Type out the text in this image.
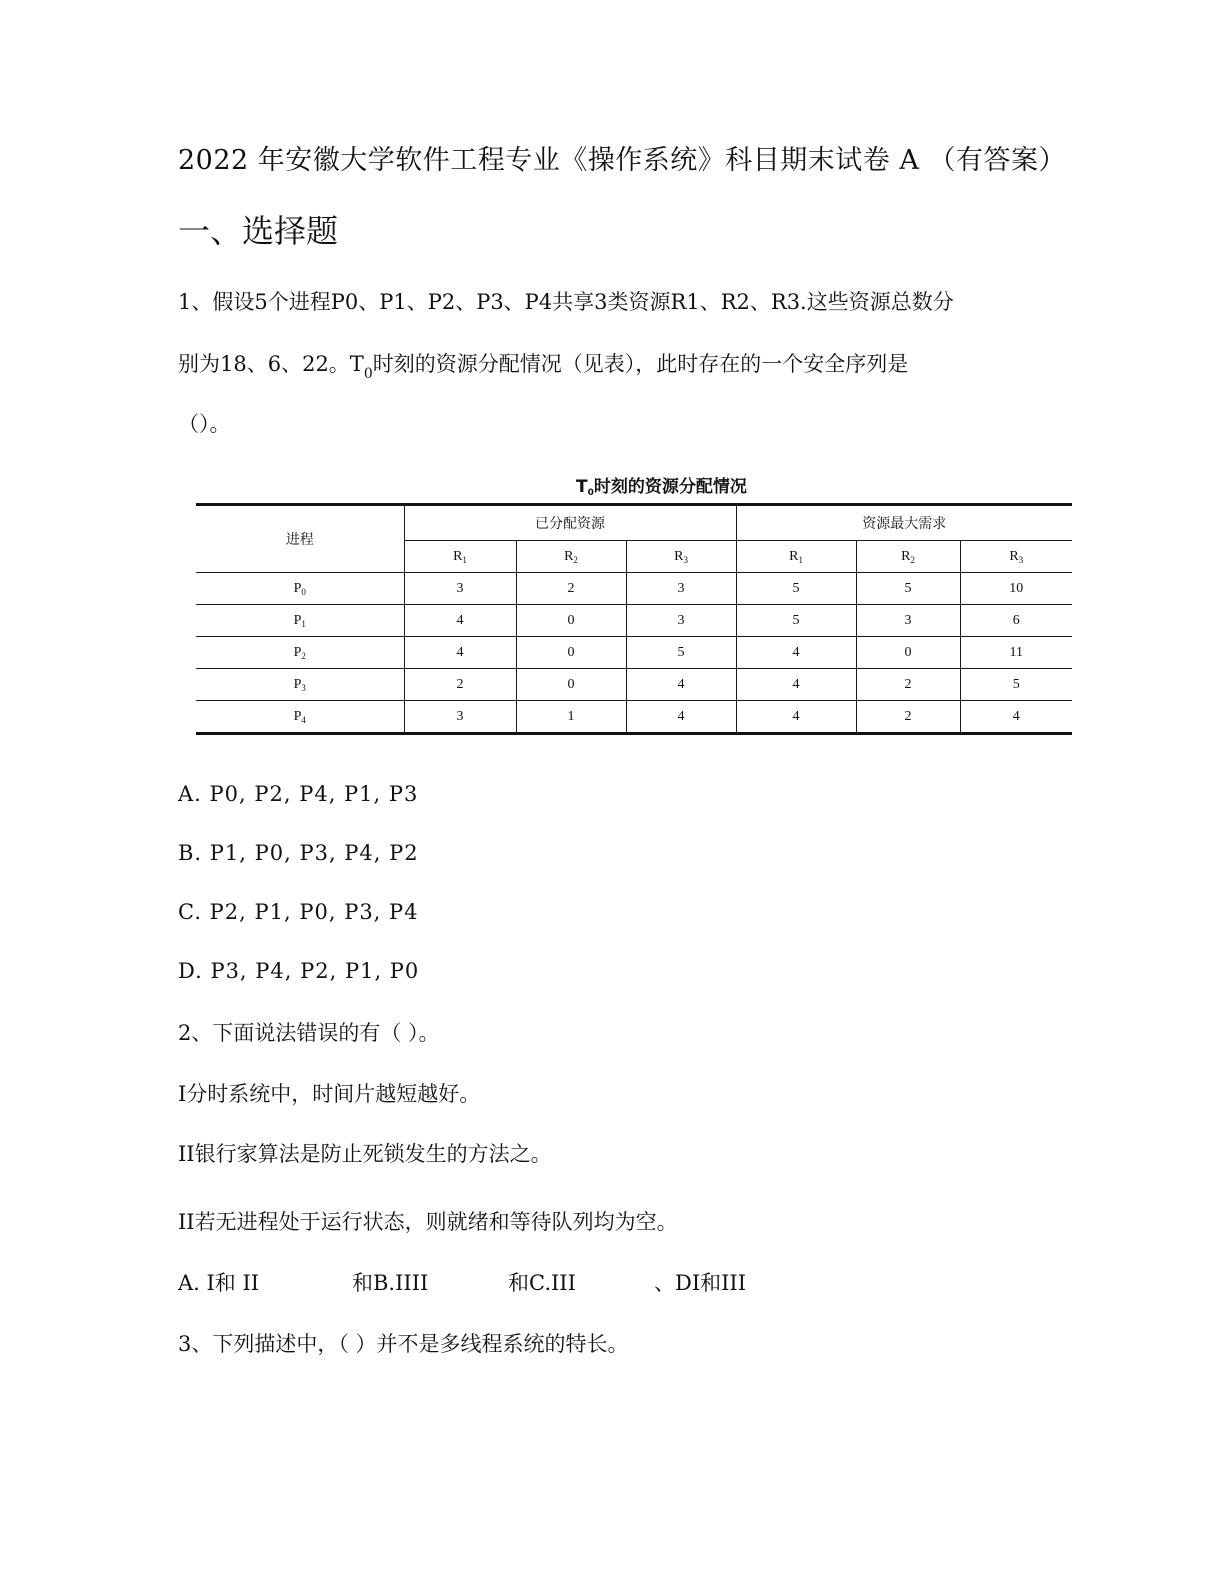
2022 年安徽大学软件工程专业《操作系统》科目期末试卷 A （有答案）
一、选择题
1、假设5个进程P0、P1、P2、P3、P4共享3类资源R1、R2、R3.这些资源总数分
别为18、6、22。$T_0$时刻的资源分配情况（见表），此时存在的一个安全序列是
（）。
T0时刻的资源分配情况
进程	已分配资源			资源最大需求		
	$R_1$	$R_2$	$R_3$	$R_1$	$R_2$	$R_3$
$P_0$	3	2	3	5	5	10
$P_1$	4	0	3	5	3	6
$P_2$	4	0	5	4	0	11
$P_3$	2	0	4	4	2	5
$P_4$	3	1	4	4	2	4
A. P0, P2, P4, P1, P3
B. P1, P0, P3, P4, P2
C. P2, P1, P0, P3, P4
D. P3, P4, P2, P1, P0
2、下面说法错误的有（ ）。
I分时系统中，时间片越短越好。
II银行家算法是防止死锁发生的方法之。
II若无进程处于运行状态，则就绪和等待队列均为空。
A. I和 II	和B.IIII	和C.III	、DI和III
3、下列描述中，（ ）并不是多线程系统的特长。
